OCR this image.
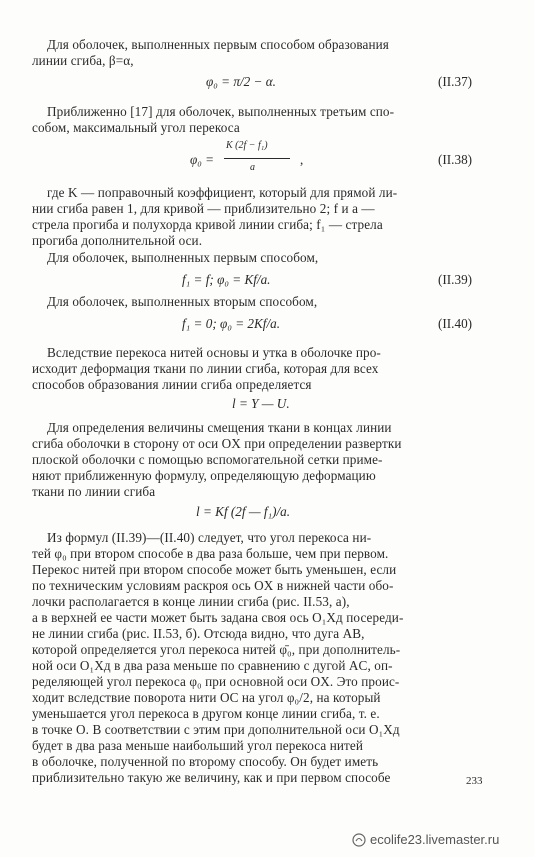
Для оболочек, выполненных первым способом образования
линии сгиба, β=α,
φ₀ = π/2 − α.	(II.37)
Приближенно [17] для оболочек, выполненных третьим спо-
собом, максимальный угол перекоса
φ₀ =
K (2f − f₁)
a
,	(II.38)
где K — поправочный коэффициент, который для прямой ли-
нии сгиба равен 1, для кривой — приблизительно 2; f и a —
стрела прогиба и полухорда кривой линии сгиба; f₁ — стрела
прогиба дополнительной оси.
Для оболочек, выполненных первым способом,
f₁ = f; φ₀ = Kf/a.	(II.39)
Для оболочек, выполненных вторым способом,
f₁ = 0; φ₀ = 2Kf/a.	(II.40)
Вследствие перекоса нитей основы и утка в оболочке про-
исходит деформация ткани по линии сгиба, которая для всех
способов образования линии сгиба определяется
l = Y — U.
Для определения величины смещения ткани в концах линии
сгиба оболочки в сторону от оси OX при определении развертки
плоской оболочки с помощью вспомогательной сетки приме-
няют приближенную формулу, определяющую деформацию
ткани по линии сгиба
l = Kf (2f — f₁)/a.
Из формул (II.39)—(II.40) следует, что угол перекоса ни-
тей φ₀ при втором способе в два раза больше, чем при первом.
Перекос нитей при втором способе может быть уменьшен, если
по техническим условиям раскроя ось OX в нижней части обо-
лочки располагается в конце линии сгиба (рис. II.53, а),
а в верхней ее части может быть задана своя ось O₁Xд посереди-
не линии сгиба (рис. II.53, б). Отсюда видно, что дуга AB,
которой определяется угол перекоса нитей φ̄₀, при дополнитель-
ной оси O₁Xд в два раза меньше по сравнению с дугой AC, оп-
ределяющей угол перекоса φ₀ при основной оси OX. Это проис-
ходит вследствие поворота нити OC на угол φ₀/2, на который
уменьшается угол перекоса в другом конце линии сгиба, т. е.
в точке O. В соответствии с этим при дополнительной оси O₁Xд
будет в два раза меньше наибольший угол перекоса нитей
в оболочке, полученной по второму способу. Он будет иметь
приблизительно такую же величину, как и при первом способе	233
ecolife23.livemaster.ru
